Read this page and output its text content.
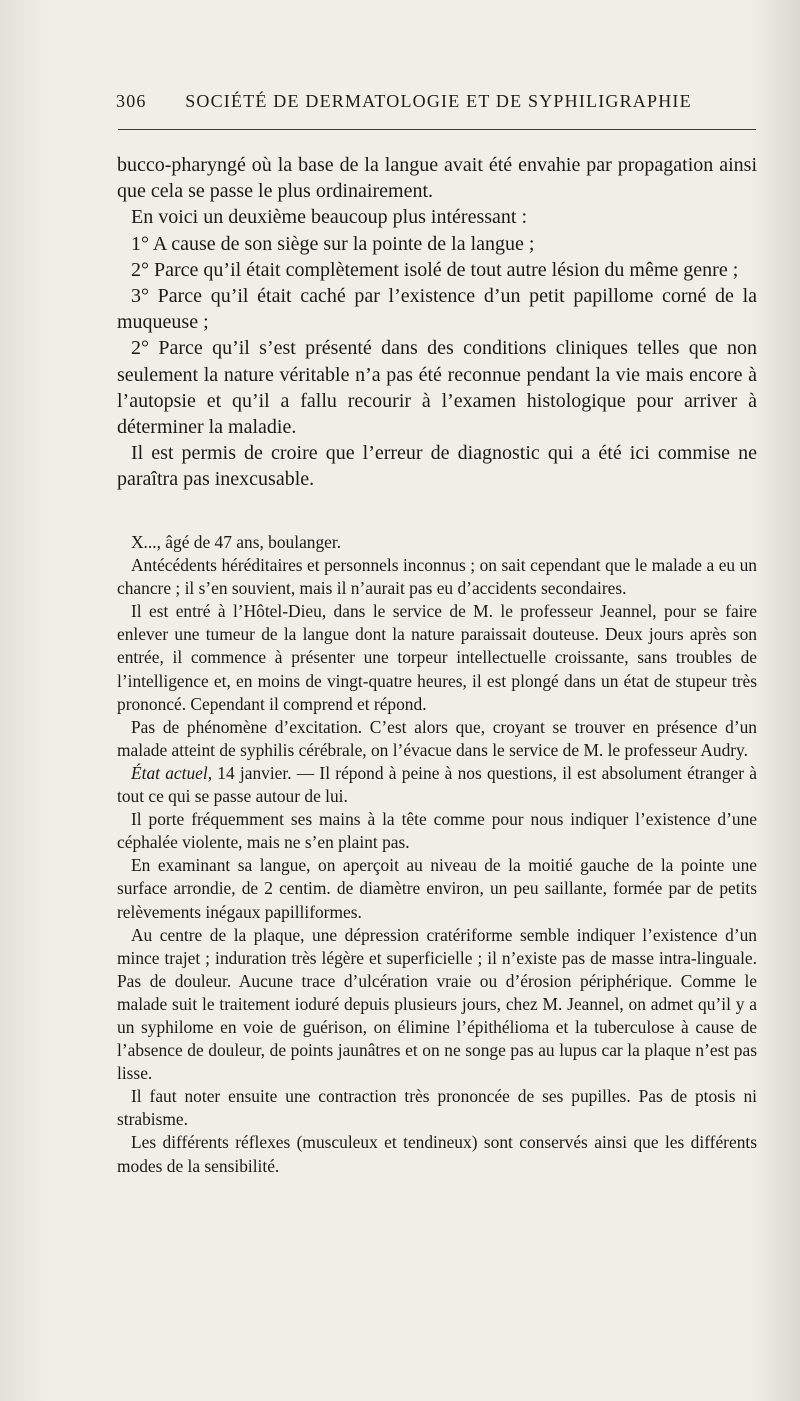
306	SOCIÉTÉ DE DERMATOLOGIE ET DE SYPHILIGRAPHIE

bucco-pharyngé où la base de la langue avait été envahie par propagation ainsi que cela se passe le plus ordinairement.

En voici un deuxième beaucoup plus intéressant :

1° A cause de son siège sur la pointe de la langue ;

2° Parce qu’il était complètement isolé de tout autre lésion du même genre ;

3° Parce qu’il était caché par l’existence d’un petit papillome corné de la muqueuse ;

2° Parce qu’il s’est présenté dans des conditions cliniques telles que non seulement la nature véritable n’a pas été reconnue pendant la vie mais encore à l’autopsie et qu’il a fallu recourir à l’examen histologique pour arriver à déterminer la maladie.

Il est permis de croire que l’erreur de diagnostic qui a été ici commise ne paraîtra pas inexcusable.

X..., âgé de 47 ans, boulanger.

Antécédents héréditaires et personnels inconnus ; on sait cependant que le malade a eu un chancre ; il s’en souvient, mais il n’aurait pas eu d’accidents secondaires.

Il est entré à l’Hôtel-Dieu, dans le service de M. le professeur Jeannel, pour se faire enlever une tumeur de la langue dont la nature paraissait douteuse. Deux jours après son entrée, il commence à présenter une torpeur intellectuelle croissante, sans troubles de l’intelligence et, en moins de vingt-quatre heures, il est plongé dans un état de stupeur très prononcé. Cependant il comprend et répond.

Pas de phénomène d’excitation. C’est alors que, croyant se trouver en présence d’un malade atteint de syphilis cérébrale, on l’évacue dans le service de M. le professeur Audry.

État actuel, 14 janvier. — Il répond à peine à nos questions, il est absolument étranger à tout ce qui se passe autour de lui.

Il porte fréquemment ses mains à la tête comme pour nous indiquer l’existence d’une céphalée violente, mais ne s’en plaint pas.

En examinant sa langue, on aperçoit au niveau de la moitié gauche de la pointe une surface arrondie, de 2 centim. de diamètre environ, un peu saillante, formée par de petits relèvements inégaux papilliformes.

Au centre de la plaque, une dépression cratériforme semble indiquer l’existence d’un mince trajet ; induration très légère et superficielle ; il n’existe pas de masse intra-linguale. Pas de douleur. Aucune trace d’ulcération vraie ou d’érosion périphérique. Comme le malade suit le traitement ioduré depuis plusieurs jours, chez M. Jeannel, on admet qu’il y a un syphilome en voie de guérison, on élimine l’épithélioma et la tuberculose à cause de l’absence de douleur, de points jaunâtres et on ne songe pas au lupus car la plaque n’est pas lisse.

Il faut noter ensuite une contraction très prononcée de ses pupilles. Pas de ptosis ni strabisme.

Les différents réflexes (musculeux et tendineux) sont conservés ainsi que les différents modes de la sensibilité.
